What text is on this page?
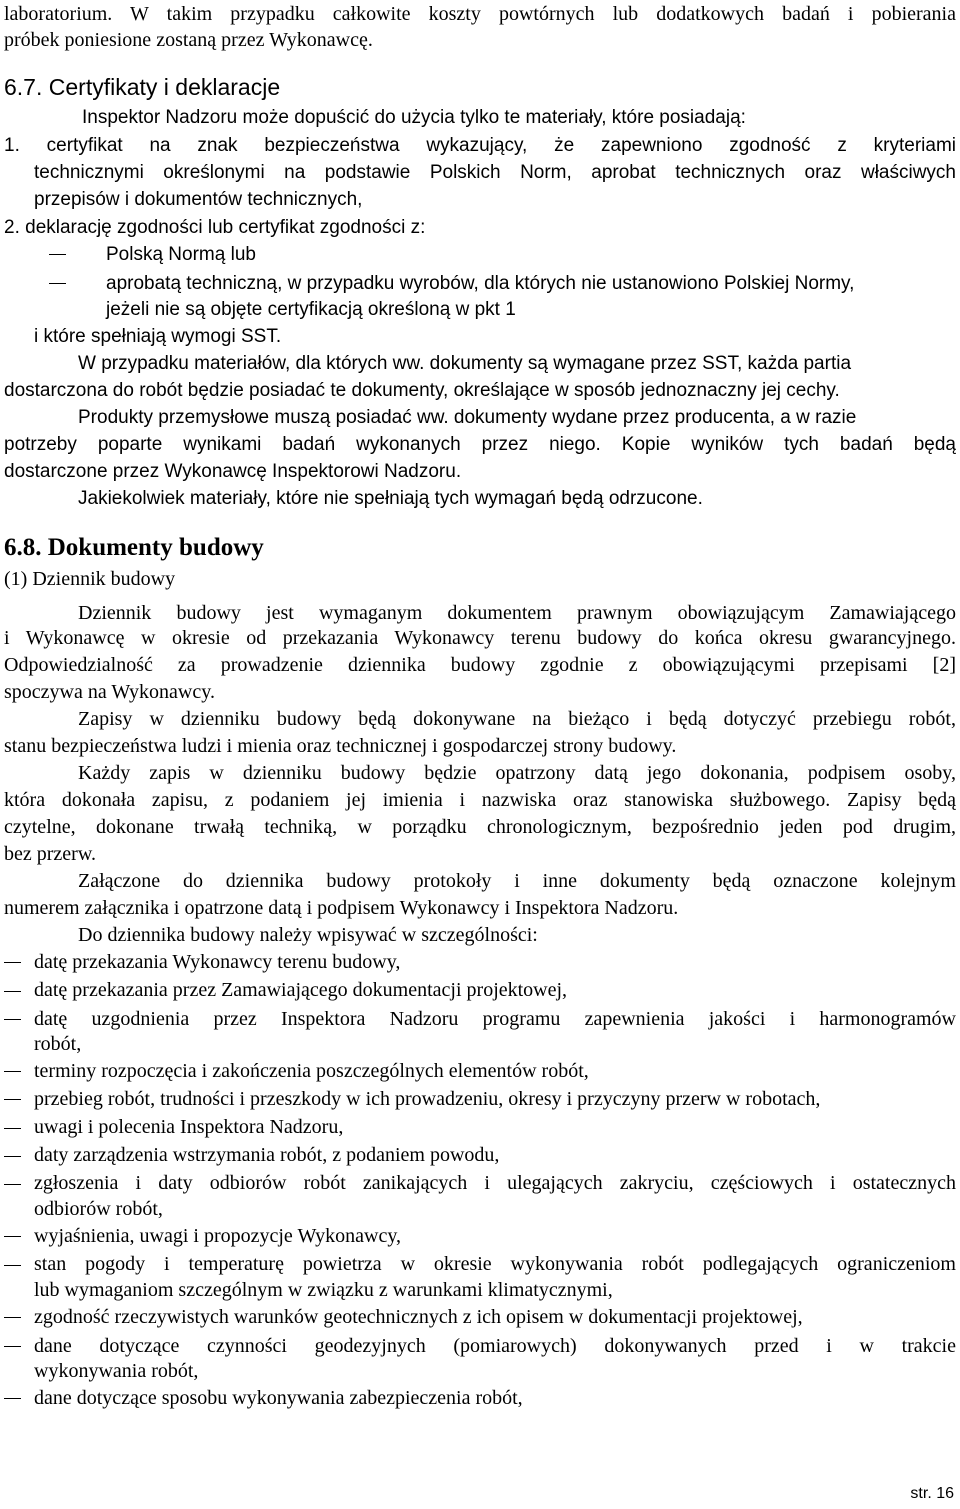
laboratorium. W takim przypadku całkowite koszty powtórnych lub dodatkowych badań i pobierania
próbek poniesione zostaną przez Wykonawcę.
6.7. Certyfikaty i deklaracje
Inspektor Nadzoru może dopuścić do użycia tylko te materiały, które posiadają:
1. certyfikat na znak bezpieczeństwa wykazujący, że zapewniono zgodność z kryteriami
technicznymi określonymi na podstawie Polskich Norm, aprobat technicznych oraz właściwych
przepisów i dokumentów technicznych,
2. deklarację zgodności lub certyfikat zgodności z:
Polską Normą lub
aprobatą techniczną, w przypadku wyrobów, dla których nie ustanowiono Polskiej Normy,
jeżeli nie są objęte certyfikacją określoną w pkt 1
i które spełniają wymogi SST.
W przypadku materiałów, dla których ww. dokumenty są wymagane przez SST, każda partia
dostarczona do robót będzie posiadać te dokumenty, określające w sposób jednoznaczny jej cechy.
Produkty przemysłowe muszą posiadać ww. dokumenty wydane przez producenta, a w razie
potrzeby poparte wynikami badań wykonanych przez niego. Kopie wyników tych badań będą
dostarczone przez Wykonawcę Inspektorowi Nadzoru.
Jakiekolwiek materiały, które nie spełniają tych wymagań będą odrzucone.
6.8. Dokumenty budowy
(1) Dziennik budowy
Dziennik budowy jest wymaganym dokumentem prawnym obowiązującym Zamawiającego
i Wykonawcę w okresie od przekazania Wykonawcy terenu budowy do końca okresu gwarancyjnego.
Odpowiedzialność za prowadzenie dziennika budowy zgodnie z obowiązującymi przepisami [2]
spoczywa na Wykonawcy.
Zapisy w dzienniku budowy będą dokonywane na bieżąco i będą dotyczyć przebiegu robót,
stanu bezpieczeństwa ludzi i mienia oraz technicznej i gospodarczej strony budowy.
Każdy zapis w dzienniku budowy będzie opatrzony datą jego dokonania, podpisem osoby,
która dokonała zapisu, z podaniem jej imienia i nazwiska oraz stanowiska służbowego. Zapisy będą
czytelne, dokonane trwałą techniką, w porządku chronologicznym, bezpośrednio jeden pod drugim,
bez przerw.
Załączone do dziennika budowy protokoły i inne dokumenty będą oznaczone kolejnym
numerem załącznika i opatrzone datą i podpisem Wykonawcy i Inspektora Nadzoru.
Do dziennika budowy należy wpisywać w szczególności:
datę przekazania Wykonawcy terenu budowy,
datę przekazania przez Zamawiającego dokumentacji projektowej,
datę uzgodnienia przez Inspektora Nadzoru programu zapewnienia jakości i harmonogramów
robót,
terminy rozpoczęcia i zakończenia poszczególnych elementów robót,
przebieg robót, trudności i przeszkody w ich prowadzeniu, okresy i przyczyny przerw w robotach,
uwagi i polecenia Inspektora Nadzoru,
daty zarządzenia wstrzymania robót, z podaniem powodu,
zgłoszenia i daty odbiorów robót zanikających i ulegających zakryciu, częściowych i ostatecznych
odbiorów robót,
wyjaśnienia, uwagi i propozycje Wykonawcy,
stan pogody i temperaturę powietrza w okresie wykonywania robót podlegających ograniczeniom
lub wymaganiom szczególnym w związku z warunkami klimatycznymi,
zgodność rzeczywistych warunków geotechnicznych z ich opisem w dokumentacji projektowej,
dane dotyczące czynności geodezyjnych (pomiarowych) dokonywanych przed i w trakcie
wykonywania robót,
dane dotyczące sposobu wykonywania zabezpieczenia robót,
str. 16
